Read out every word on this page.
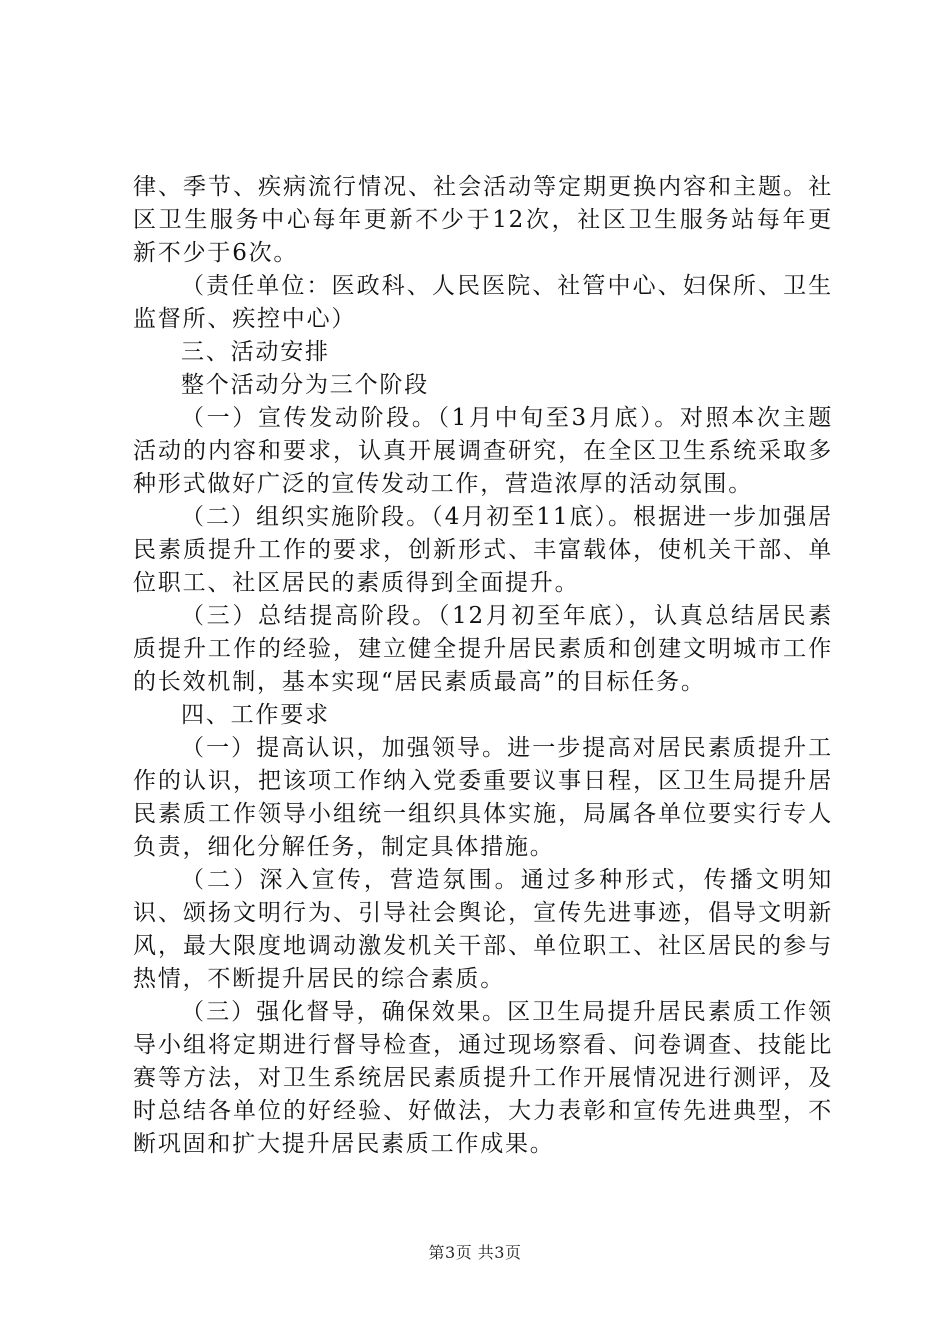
律、季节、疾病流行情况、社会活动等定期更换内容和主题。社区卫生服务中心每年更新不少于12次，社区卫生服务站每年更新不少于6次。

（责任单位：医政科、人民医院、社管中心、妇保所、卫生监督所、疾控中心）

三、活动安排

整个活动分为三个阶段

（一）宣传发动阶段。（1月中旬至3月底）。对照本次主题活动的内容和要求，认真开展调查研究，在全区卫生系统采取多种形式做好广泛的宣传发动工作，营造浓厚的活动氛围。

（二）组织实施阶段。（4月初至11底）。根据进一步加强居民素质提升工作的要求，创新形式、丰富载体，使机关干部、单位职工、社区居民的素质得到全面提升。

（三）总结提高阶段。（12月初至年底），认真总结居民素质提升工作的经验，建立健全提升居民素质和创建文明城市工作的长效机制，基本实现“居民素质最高”的目标任务。

四、工作要求

（一）提高认识，加强领导。进一步提高对居民素质提升工作的认识，把该项工作纳入党委重要议事日程，区卫生局提升居民素质工作领导小组统一组织具体实施，局属各单位要实行专人负责，细化分解任务，制定具体措施。

（二）深入宣传，营造氛围。通过多种形式，传播文明知识、颂扬文明行为、引导社会舆论，宣传先进事迹，倡导文明新风，最大限度地调动激发机关干部、单位职工、社区居民的参与热情，不断提升居民的综合素质。

（三）强化督导，确保效果。区卫生局提升居民素质工作领导小组将定期进行督导检查，通过现场察看、问卷调查、技能比赛等方法，对卫生系统居民素质提升工作开展情况进行测评，及时总结各单位的好经验、好做法，大力表彰和宣传先进典型，不断巩固和扩大提升居民素质工作成果。

第3页 共3页
